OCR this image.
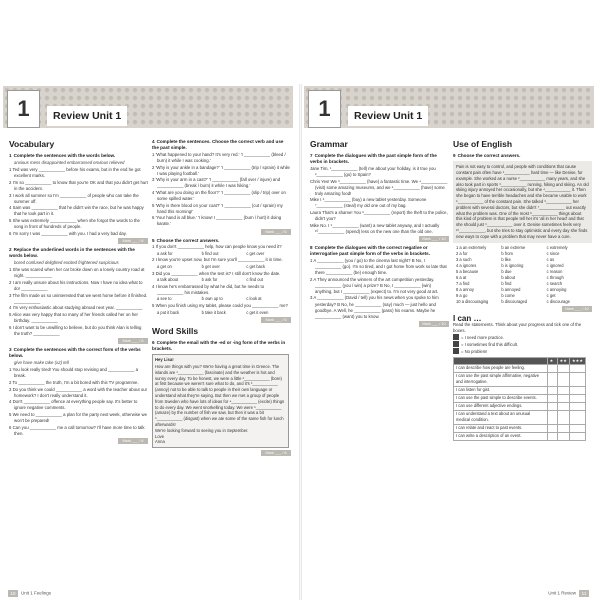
1	Review Unit 1
Vocabulary
1 Complete the sentences with the words below.
anxious mess disappointed embarrassed envious relieved
1 Ted was very ___________ before his exams, but in the end he got excellent marks.
2 I'm so ___________ to know that you're OK and that you didn't get hurt in the accident.
3 I work all summer so I'm ___________ of people who can take the summer off.
4 Sam was ___________ that he didn't win the race, but he was happy that he took part in it.
5 She was extremely ___________ when she forgot the words to the song in front of hundreds of people.
6 I'm sorry I was ___________ with you. I had a very bad day.
Mark ___ / 6
2 Replace the underlined words in the sentences with the words below.
bored confused delighted excited frightened suspicious
1 She was scared when her car broke down on a lonely country road at night. ___________
2 I am really unsure about his instructions. Now I have no idea what to do! ___________
3 The film made us so uninterested that we went home before it finished. ___________
4 I'm very enthusiastic about studying abroad next year. ___________
5 Alice was very happy that so many of her friends called her on her birthday. ___________
6 I don't want to be unwilling to believe, but do you think Alan is telling the truth? ___________
Mark ___ / 6
3 Complete the sentences with the correct form of the verbs below.
give have make take (x2) tell
1 You look really tired! You should stop revising and ___________ a break.
2 To ___________ the truth, I'm a bit bored with this TV programme.
3 Do you think we could ___________ a word with the teacher about our homework? I don't really understand it.
4 Don't ___________ offence at everything people say. It's better to ignore negative comments.
5 We need to ___________ a plan for the party next week, otherwise we won't be prepared!
6 Can you ___________ me a call tomorrow? I'll have more time to talk then.
Mark ___ / 6
4 Complete the sentences. Choose the correct verb and use the past simple.
1 'What happened to your hand? It's very red.' 'I ___________ (bleed / burn) it while I was cooking.'
2 'Why is your ankle in a bandage?' 'I ___________ (trip / sprain) it while I was playing football.'
3 'Why is your arm in a cast?' 'I ___________ (fall over / injure) and ___________ (break / burn) it while I was hiking.'
4 'What are you doing on the floor?' 'I ___________ (slip / trip) over on some spilled water.'
5 'Why is there blood on your coat?' 'I ___________ (cut / sprain) my hand this morning!'
6 'Your hand is all blue.' 'I know! I ___________ (burn / hurt) it doing karate.'
Mark ___ / 6
5 Choose the correct answers.
1 If you don't ___________ help, how can people know you need it?
a ask for	b find out	c get over
2 I know you're upset now, but I'm sure you'll ___________ it in time.
a get on	b get over	c get back
3 Did you ___________ when the test is? I still don't know the date.
a talk about	b ask for	c find out
4 I know he's embarrassed by what he did, but he needs to ___________ his mistakes.
a see to	b own up to	c look at
5 When you finish using my tablet, please could you ___________ me?
a put it back	b take it back	c get it even
Mark ___ / 5
Word Skills
6 Complete the email with the -ed or -ing form of the verbs in brackets.
Hey Lisa!
How are things with you? We're having a great time in Greece. The islands are ¹___________ (fascinate) and the weather is hot and sunny every day. To be honest, we were a little ²___________ (bore) at first because we weren't sure what to do, and it's ³___________ (annoy) not to be able to talk to people in their own language or understand what they're saying. But then we met a group of people from Sweden who have lots of ideas for ⁴___________ (excite) things to do every day. We went snorkelling today. We were ⁵___________ (amaze) by the number of fish we saw, but then it was a bit ⁶___________ (disgust) when we ate some of the same fish for lunch afterwards!
We're looking forward to seeing you in September.
Love
Anna
Mark ___ / 6
10 Unit 1 Feelings
1	Review Unit 1
Grammar
7 Complete the dialogues with the past simple form of the verbs in brackets.
Jane Tim, ¹___________ (tell) me about your holiday, is it true you ²___________ (go) to Spain?
Chris Yes! We ³___________ (have) a fantastic time. We ⁴___________ (visit) some amazing museums, and we ⁵___________ (have) some truly amazing food!
Mike I ⁶___________ (buy) a new tablet yesterday. Someone ⁷___________ (steal) my old one out of my bag.
Laura That's a shame! You ⁸___________ (report) the theft to the police, didn't you?
Mike No. I ⁹___________ (want) a new tablet anyway, and I actually ¹⁰___________ (spend) less on the new one than the old one.
Mark ___ / 10
8 Complete the dialogues with the correct negative or interrogative past simple form of the verbs in brackets.
1 A ___________ (you / go) to the cinema last night? B No, I ___________ (go). I'm so tired, and I got home from work so late that there ___________ (be) enough time.
2 A They announced the winners of the art competition yesterday. ___________ (you / win) a prize? B No, I ___________ (win) anything, but I ___________ (expect) to. I'm not very good at art.
3 A ___________ (David / tell) you his news when you spoke to him yesterday? B No, he ___________ (say) much — just hello and goodbye. A Well, he ___________ (pass) his exams. Maybe he ___________ (want) you to know.
Mark ___ / 10
Use of English
9 Choose the correct answers.
Pain is not easy to control, and people with conditions that cause constant pain often have ¹___________ hard time — like Denise, for example. She worked as a nurse ²___________ many years, and she also took part in sports ³___________ running, hiking and skiing. An old skiing injury annoyed her occasionally, but she ⁴___________ it. Then she began to have terrible headaches and she became unable to work ⁵___________ of the constant pain. She talked ⁶___________ her problem with several doctors, but she didn't ⁷___________ out exactly what the problem was. One of the most ⁸___________ things about this kind of problem is that people tell her it's 'all in her head' and that she should just ⁹___________ over it. Denise sometimes feels very ¹⁰___________, but she tries to stay optimistic and every day she finds new ways to cope with a problem that may never have a cure.
1 a an extremely	b an extreme	c extremely
2 a for	b from	c since
3 a such	b like	c as
4 a ignores	b is ignoring	c ignored
5 a because	b due	c reason
6 a at	b about	c through
7 a find	b find	c search
8 a annoy	b annoyed	c annoying
9 a go	b come	c get
10 a discouraging	b discouraged	c discourage
Mark ___ / 10
I can …
Read the statements. Think about your progress and tick one of the boxes.
= I need more practice.
= I sometimes find this difficult.
= No problem!
	★	★★	★★★
I can describe how people are feeling.			
I can use the past simple affirmative, negative and interrogative.			
I can listen for gist.			
I can use the past simple to describe events.			
I can use different adjective endings.			
I can understand a text about an unusual medical condition.			
I can relate and react to past events.			
I can write a description of an event.			
Unit 1 Review 11
